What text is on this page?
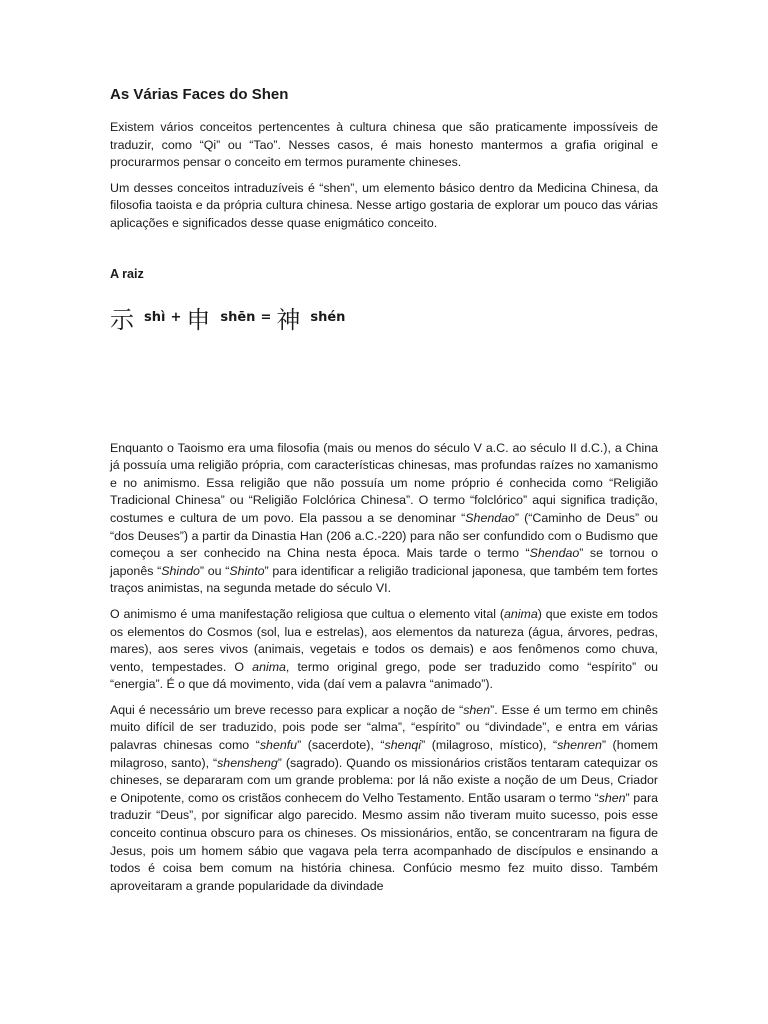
As Várias Faces do Shen

Existem vários conceitos pertencentes à cultura chinesa que são praticamente impossíveis de traduzir, como “Qi” ou “Tao”. Nesses casos, é mais honesto mantermos a grafia original e procurarmos pensar o conceito em termos puramente chineses.

Um desses conceitos intraduzíveis é “shen”, um elemento básico dentro da Medicina Chinesa, da filosofia taoista e da própria cultura chinesa. Nesse artigo gostaria de explorar um pouco das várias aplicações e significados desse quase enigmático conceito.

A raiz
示 shì + 申 shēn = 神 shén

Enquanto o Taoismo era uma filosofia (mais ou menos do século V a.C. ao século II d.C.), a China já possuía uma religião própria, com características chinesas, mas profundas raízes no xamanismo e no animismo. Essa religião que não possuía um nome próprio é conhecida como “Religião Tradicional Chinesa” ou “Religião Folclórica Chinesa”. O termo “folclórico” aqui significa tradição, costumes e cultura de um povo. Ela passou a se denominar “Shendao” (“Caminho de Deus” ou “dos Deuses”) a partir da Dinastia Han (206 a.C.-220) para não ser confundido com o Budismo que começou a ser conhecido na China nesta época. Mais tarde o termo “Shendao” se tornou o japonês “Shindo” ou “Shinto” para identificar a religião tradicional japonesa, que também tem fortes traços animistas, na segunda metade do século VI.

O animismo é uma manifestação religiosa que cultua o elemento vital (anima) que existe em todos os elementos do Cosmos (sol, lua e estrelas), aos elementos da natureza (água, árvores, pedras, mares), aos seres vivos (animais, vegetais e todos os demais) e aos fenômenos como chuva, vento, tempestades. O anima, termo original grego, pode ser traduzido como “espírito” ou “energia”. É o que dá movimento, vida (daí vem a palavra “animado”).

Aqui é necessário um breve recesso para explicar a noção de “shen”. Esse é um termo em chinês muito difícil de ser traduzido, pois pode ser “alma”, “espírito” ou “divindade”, e entra em várias palavras chinesas como “shenfu” (sacerdote), “shenqi” (milagroso, místico), “shenren” (homem milagroso, santo), “shensheng” (sagrado). Quando os missionários cristãos tentaram catequizar os chineses, se depararam com um grande problema: por lá não existe a noção de um Deus, Criador e Onipotente, como os cristãos conhecem do Velho Testamento. Então usaram o termo “shen” para traduzir “Deus”, por significar algo parecido. Mesmo assim não tiveram muito sucesso, pois esse conceito continua obscuro para os chineses. Os missionários, então, se concentraram na figura de Jesus, pois um homem sábio que vagava pela terra acompanhado de discípulos e ensinando a todos é coisa bem comum na história chinesa. Confúcio mesmo fez muito disso. Também aproveitaram a grande popularidade da divindade
